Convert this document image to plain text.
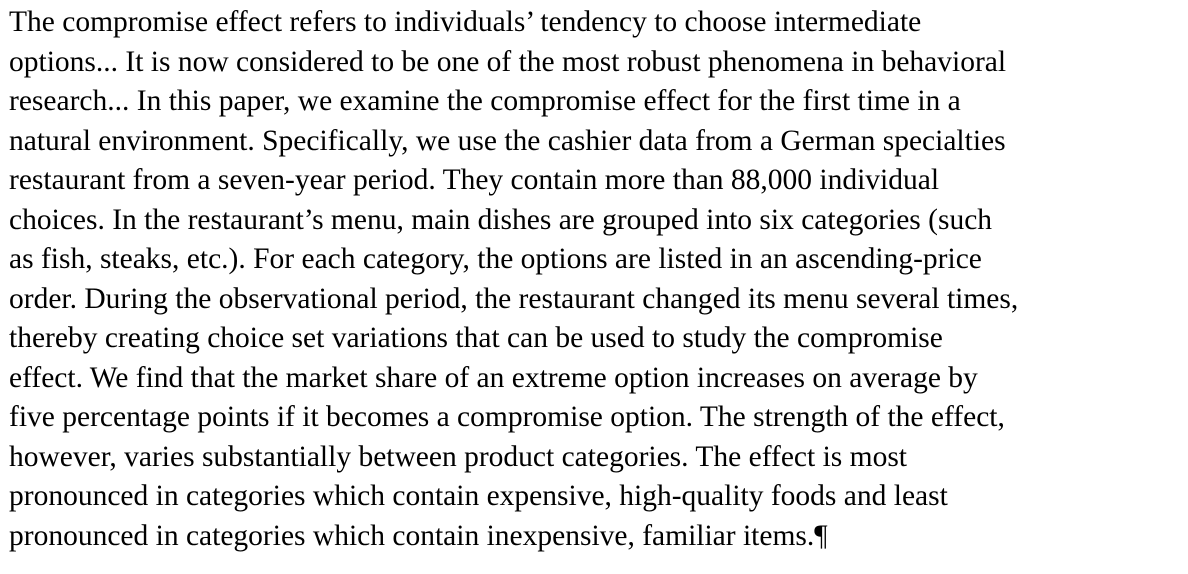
The compromise effect refers to individuals’ tendency to choose intermediate
options... It is now considered to be one of the most robust phenomena in behavioral
research... In this paper, we examine the compromise effect for the first time in a
natural environment. Specifically, we use the cashier data from a German specialties
restaurant from a seven-year period. They contain more than 88,000 individual
choices. In the restaurant’s menu, main dishes are grouped into six categories (such
as fish, steaks, etc.). For each category, the options are listed in an ascending-price
order. During the observational period, the restaurant changed its menu several times,
thereby creating choice set variations that can be used to study the compromise
effect. We find that the market share of an extreme option increases on average by
five percentage points if it becomes a compromise option. The strength of the effect,
however, varies substantially between product categories. The effect is most
pronounced in categories which contain expensive, high-quality foods and least
pronounced in categories which contain inexpensive, familiar items.¶
